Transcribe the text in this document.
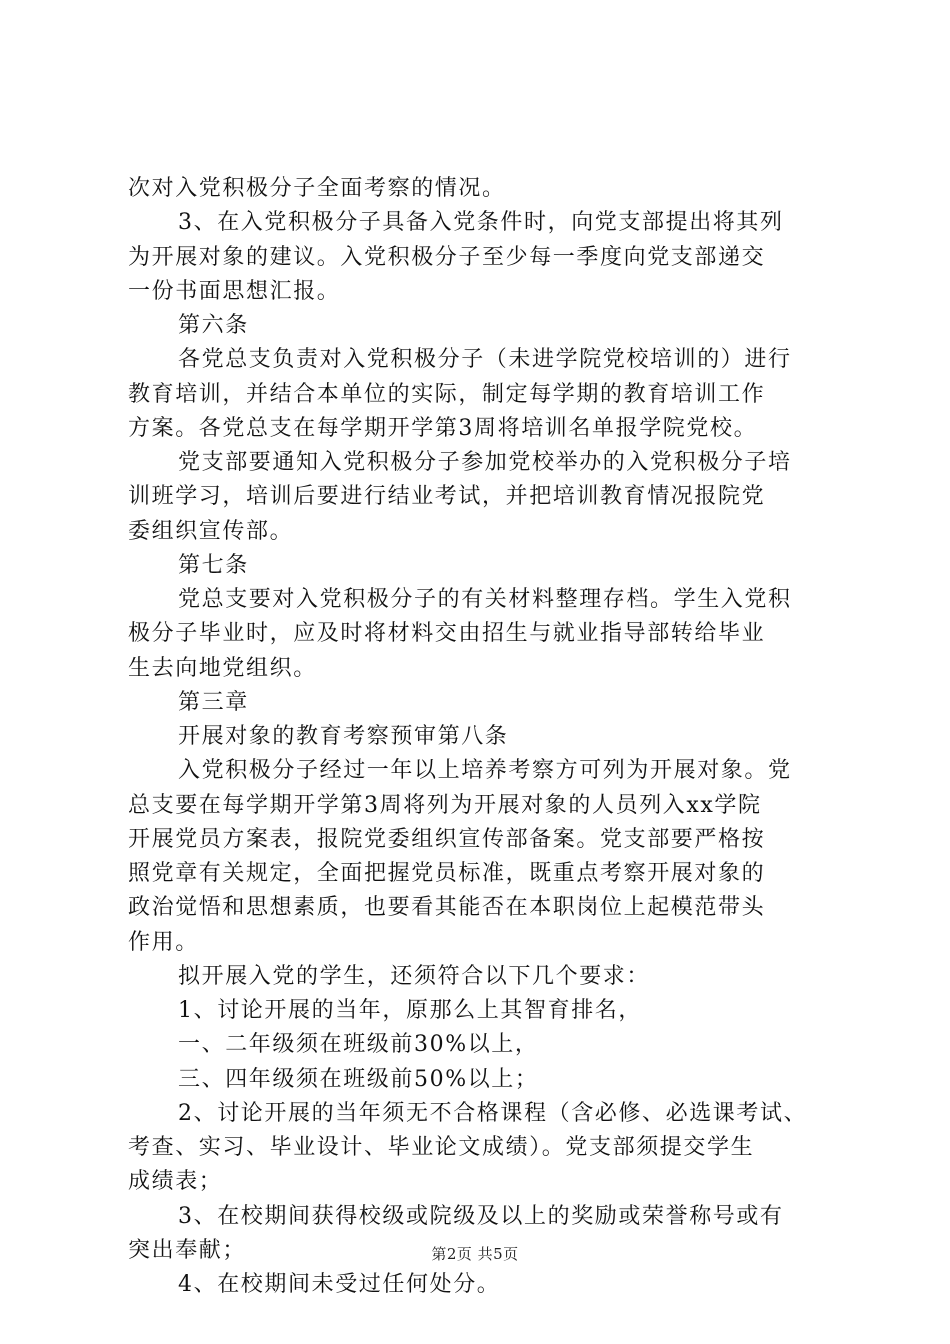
次对入党积极分子全面考察的情况。
3、在入党积极分子具备入党条件时，向党支部提出将其列
为开展对象的建议。入党积极分子至少每一季度向党支部递交
一份书面思想汇报。
第六条
各党总支负责对入党积极分子（未进学院党校培训的）进行
教育培训，并结合本单位的实际，制定每学期的教育培训工作
方案。各党总支在每学期开学第3周将培训名单报学院党校。
党支部要通知入党积极分子参加党校举办的入党积极分子培
训班学习，培训后要进行结业考试，并把培训教育情况报院党
委组织宣传部。
第七条
党总支要对入党积极分子的有关材料整理存档。学生入党积
极分子毕业时，应及时将材料交由招生与就业指导部转给毕业
生去向地党组织。
第三章
开展对象的教育考察预审第八条
入党积极分子经过一年以上培养考察方可列为开展对象。党
总支要在每学期开学第3周将列为开展对象的人员列入xx学院
开展党员方案表，报院党委组织宣传部备案。党支部要严格按
照党章有关规定，全面把握党员标准，既重点考察开展对象的
政治觉悟和思想素质，也要看其能否在本职岗位上起模范带头
作用。
拟开展入党的学生，还须符合以下几个要求：
1、讨论开展的当年，原那么上其智育排名，
一、二年级须在班级前30%以上，
三、四年级须在班级前50%以上；
2、讨论开展的当年须无不合格课程（含必修、必选课考试、
考查、实习、毕业设计、毕业论文成绩）。党支部须提交学生
成绩表；
3、在校期间获得校级或院级及以上的奖励或荣誉称号或有
突出奉献；
4、在校期间未受过任何处分。
第2页 共5页
